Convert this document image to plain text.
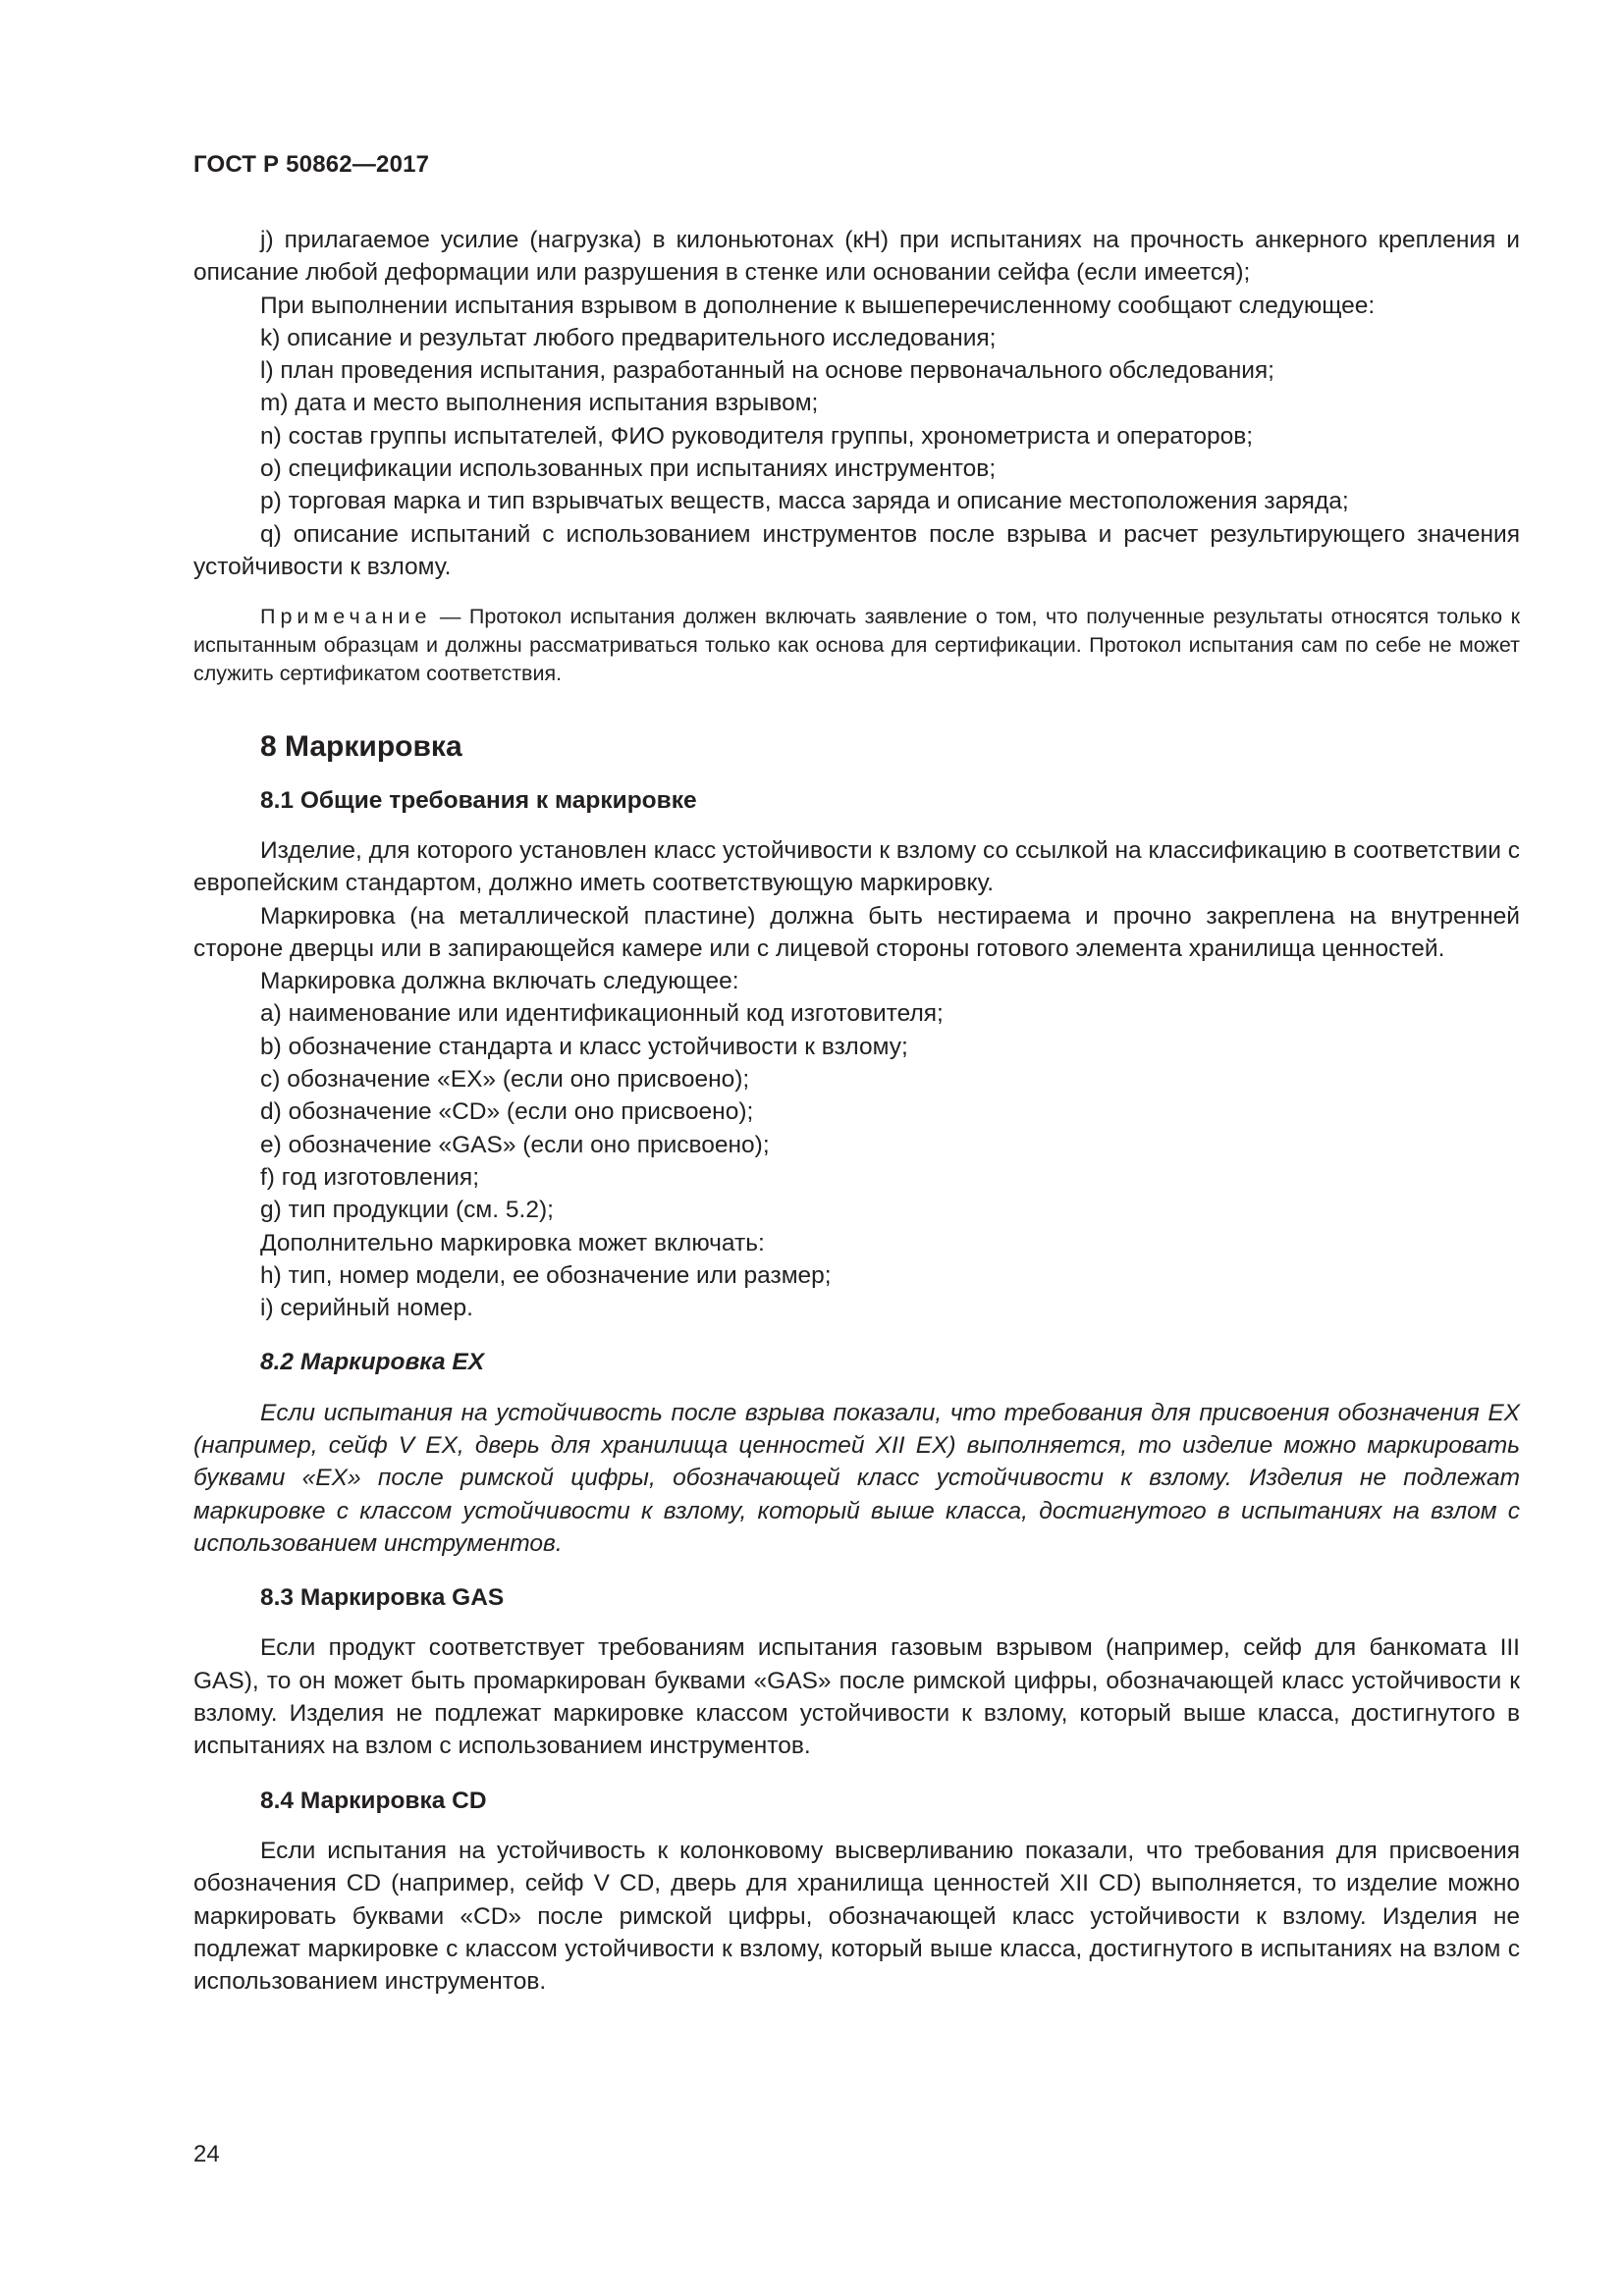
ГОСТ Р 50862—2017

j) прилагаемое усилие (нагрузка) в килоньютонах (кН) при испытаниях на прочность анкерного крепления и описание любой деформации или разрушения в стенке или основании сейфа (если имеется);

При выполнении испытания взрывом в дополнение к вышеперечисленному сообщают следующее:

k) описание и результат любого предварительного исследования;

l) план проведения испытания, разработанный на основе первоначального обследования;

m) дата и место выполнения испытания взрывом;

n) состав группы испытателей, ФИО руководителя группы, хронометриста и операторов;

o) спецификации использованных при испытаниях инструментов;

p) торговая марка и тип взрывчатых веществ, масса заряда и описание местоположения заряда;

q) описание испытаний с использованием инструментов после взрыва и расчет результирующего значения устойчивости к взлому.

Примечание — Протокол испытания должен включать заявление о том, что полученные результаты относятся только к испытанным образцам и должны рассматриваться только как основа для сертификации. Протокол испытания сам по себе не может служить сертификатом соответствия.

8 Маркировка

8.1 Общие требования к маркировке

Изделие, для которого установлен класс устойчивости к взлому со ссылкой на классификацию в соответствии с европейским стандартом, должно иметь соответствующую маркировку.

Маркировка (на металлической пластине) должна быть нестираема и прочно закреплена на внутренней стороне дверцы или в запирающейся камере или с лицевой стороны готового элемента хранилища ценностей.

Маркировка должна включать следующее:

a) наименование или идентификационный код изготовителя;

b) обозначение стандарта и класс устойчивости к взлому;

c) обозначение «EX» (если оно присвоено);

d) обозначение «CD» (если оно присвоено);

e) обозначение «GAS» (если оно присвоено);

f) год изготовления;

g) тип продукции (см. 5.2);

Дополнительно маркировка может включать:

h) тип, номер модели, ее обозначение или размер;

i) серийный номер.

8.2 Маркировка EX

Если испытания на устойчивость после взрыва показали, что требования для присвоения обозначения EX (например, сейф V EX, дверь для хранилища ценностей XII EX) выполняется, то изделие можно маркировать буквами «EX» после римской цифры, обозначающей класс устойчивости к взлому. Изделия не подлежат маркировке с классом устойчивости к взлому, который выше класса, достигнутого в испытаниях на взлом с использованием инструментов.

8.3 Маркировка GAS

Если продукт соответствует требованиям испытания газовым взрывом (например, сейф для банкомата III GAS), то он может быть промаркирован буквами «GAS» после римской цифры, обозначающей класс устойчивости к взлому. Изделия не подлежат маркировке классом устойчивости к взлому, который выше класса, достигнутого в испытаниях на взлом с использованием инструментов.

8.4 Маркировка CD

Если испытания на устойчивость к колонковому высверливанию показали, что требования для присвоения обозначения CD (например, сейф V CD, дверь для хранилища ценностей XII CD) выполняется, то изделие можно маркировать буквами «CD» после римской цифры, обозначающей класс устойчивости к взлому. Изделия не подлежат маркировке с классом устойчивости к взлому, который выше класса, достигнутого в испытаниях на взлом с использованием инструментов.

24
